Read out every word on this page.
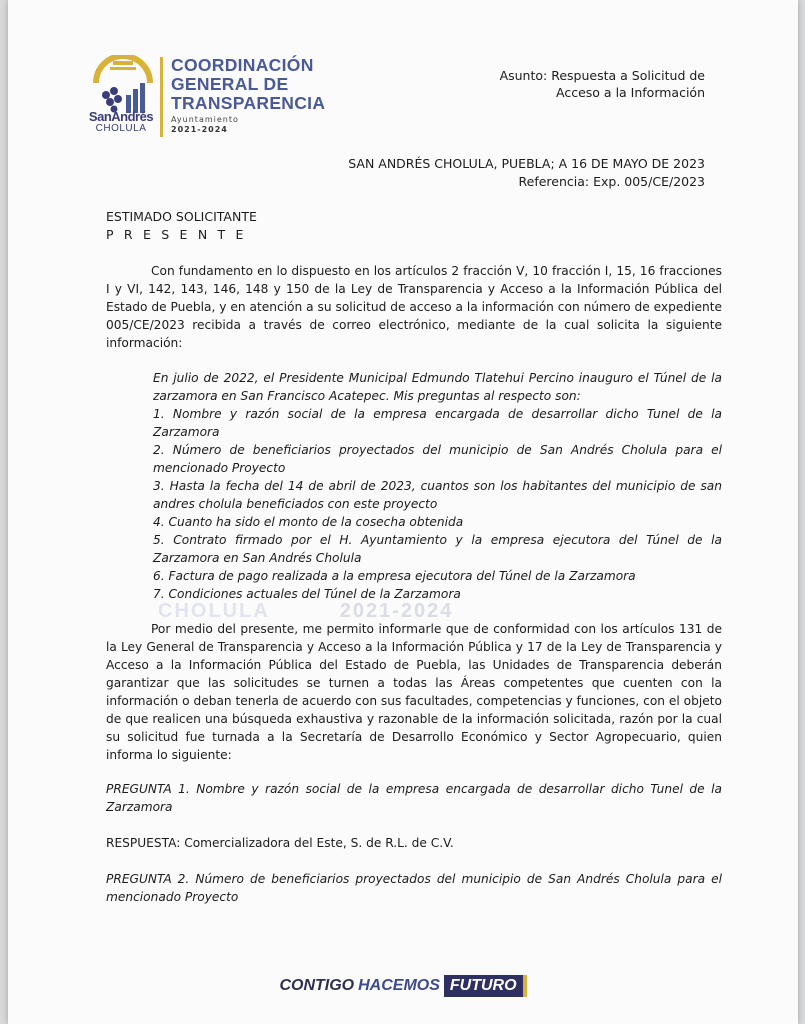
SanAndrés
CHOLULA
COORDINACIÓN GENERAL DE TRANSPARENCIA
Ayuntamiento
2021-2024
Asunto: Respuesta a Solicitud de
Acceso a la Información
SAN ANDRÉS CHOLULA, PUEBLA; A 16 DE MAYO DE 2023
Referencia: Exp. 005/CE/2023
ESTIMADO SOLICITANTE
P R E S E N T E
Con fundamento en lo dispuesto en los artículos 2 fracción V, 10 fracción I, 15, 16 fracciones I y VI, 142, 143, 146, 148 y 150 de la Ley de Transparencia y Acceso a la Información Pública del Estado de Puebla, y en atención a su solicitud de acceso a la información con número de expediente 005/CE/2023 recibida a través de correo electrónico, mediante de la cual solicita la siguiente información:
En julio de 2022, el Presidente Municipal Edmundo Tlatehui Percino inauguro el Túnel de la zarzamora en San Francisco Acatepec. Mis preguntas al respecto son:
1. Nombre y razón social de la empresa encargada de desarrollar dicho Tunel de la Zarzamora
2. Número de beneficiarios proyectados del municipio de San Andrés Cholula para el mencionado Proyecto
3. Hasta la fecha del 14 de abril de 2023, cuantos son los habitantes del municipio de san andres cholula beneficiados con este proyecto
4. Cuanto ha sido el monto de la cosecha obtenida
5. Contrato firmado por el H. Ayuntamiento y la empresa ejecutora del Túnel de la Zarzamora en San Andrés Cholula
6. Factura de pago realizada a la empresa ejecutora del Túnel de la Zarzamora
7. Condiciones actuales del Túnel de la Zarzamora
CHOLULA	2021-2024
Por medio del presente, me permito informarle que de conformidad con los artículos 131 de la Ley General de Transparencia y Acceso a la Información Pública y 17 de la Ley de Transparencia y Acceso a la Información Pública del Estado de Puebla, las Unidades de Transparencia deberán garantizar que las solicitudes se turnen a todas las Áreas competentes que cuenten con la información o deban tenerla de acuerdo con sus facultades, competencias y funciones, con el objeto de que realicen una búsqueda exhaustiva y razonable de la información solicitada, razón por la cual su solicitud fue turnada a la Secretaría de Desarrollo Económico y Sector Agropecuario, quien informa lo siguiente:
PREGUNTA 1. Nombre y razón social de la empresa encargada de desarrollar dicho Tunel de la Zarzamora
RESPUESTA: Comercializadora del Este, S. de R.L. de C.V.
PREGUNTA 2. Número de beneficiarios proyectados del municipio de San Andrés Cholula para el mencionado Proyecto
CONTIGO HACEMOS FUTURO
